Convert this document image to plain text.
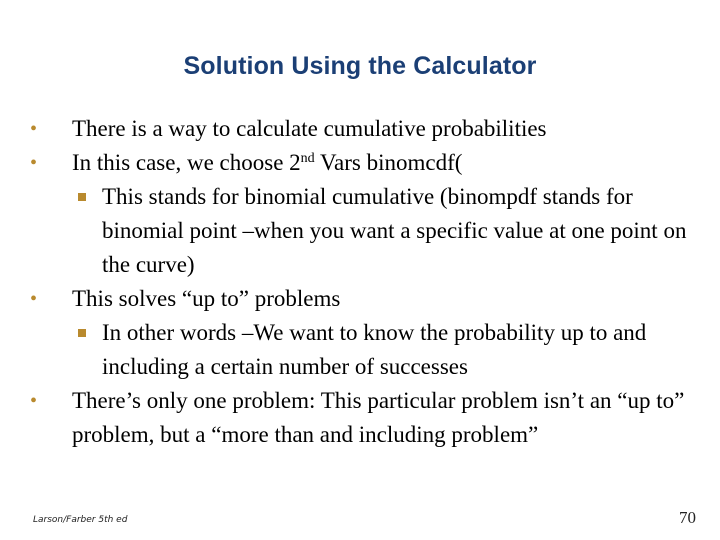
Solution Using the Calculator
• There is a way to calculate cumulative probabilities
• In this case, we choose 2nd Vars binomcdf(
This stands for binomial cumulative (binompdf stands for binomial point –when you want a specific value at one point on the curve)
• This solves “up to” problems
In other words –We want to know the probability up to and including a certain number of successes
• There’s only one problem: This particular problem isn’t an “up to” problem, but a “more than and including problem”
Larson/Farber 5th ed	70
